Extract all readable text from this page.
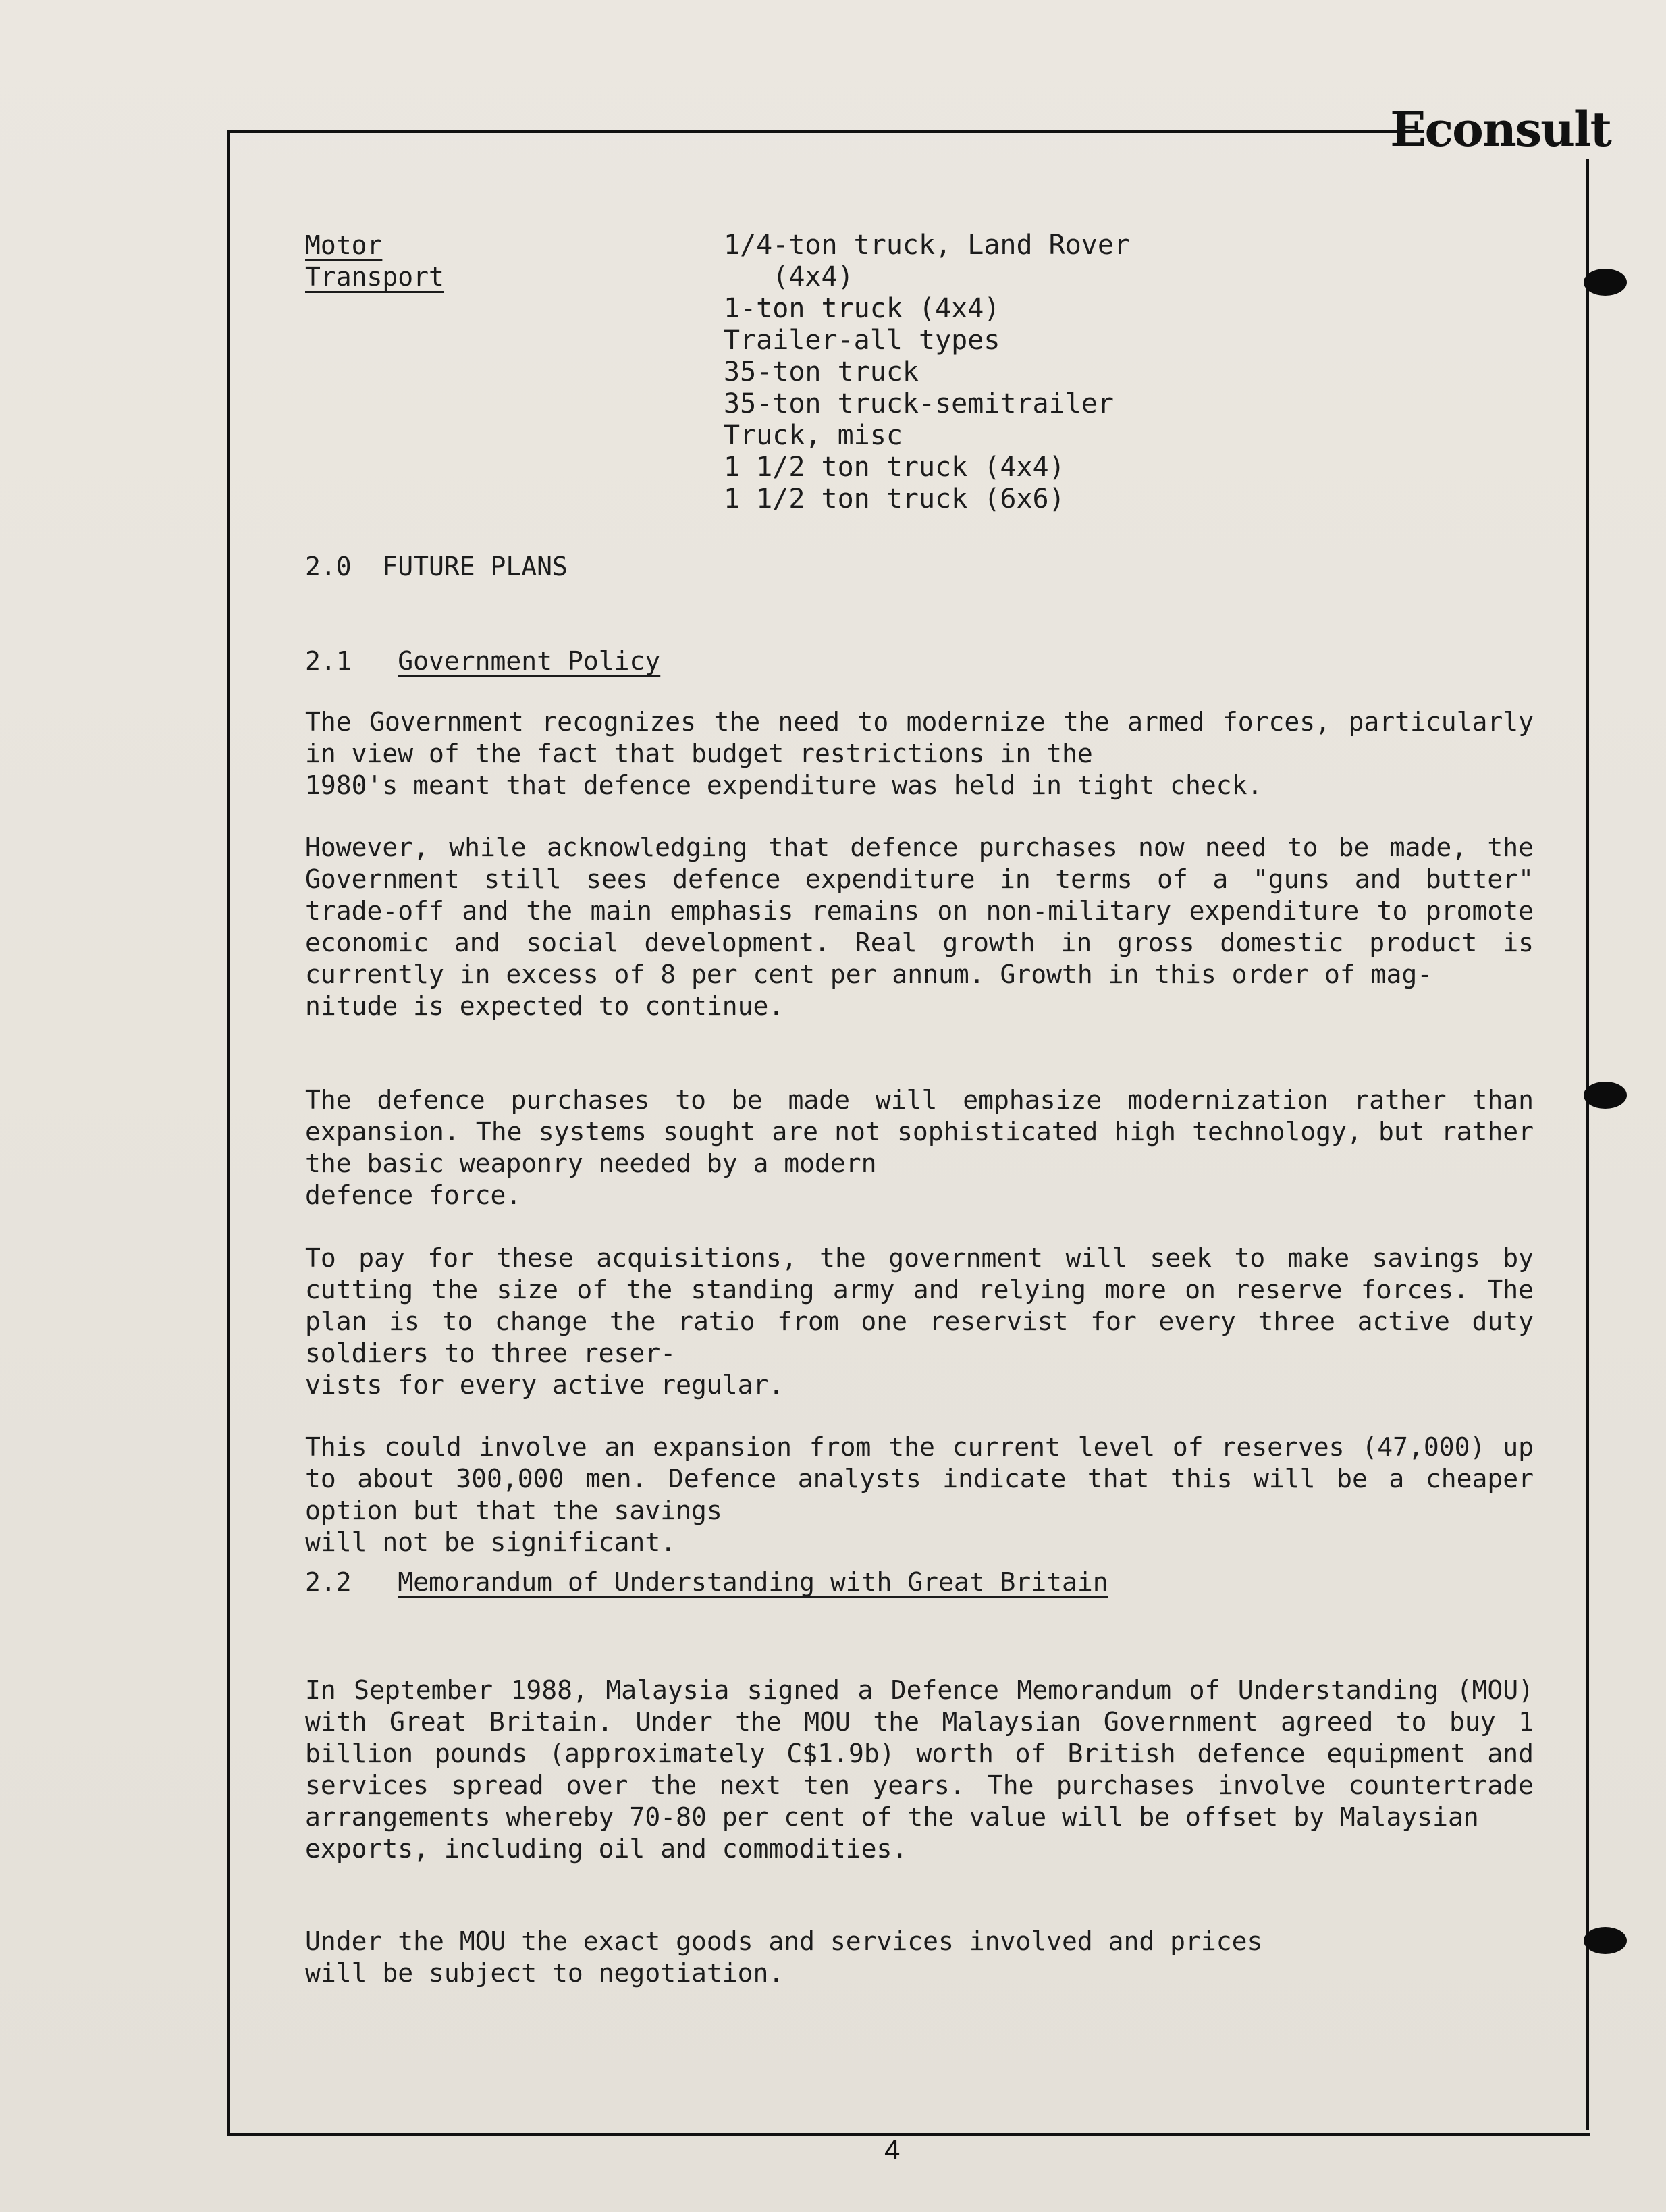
Econsult
Motor
Transport
1/4-ton truck, Land Rover
(4x4)
1-ton truck (4x4)
Trailer-all types
35-ton truck
35-ton truck-semitrailer
Truck, misc
1 1/2 ton truck (4x4)
1 1/2 ton truck (6x6)
2.0  FUTURE PLANS
2.1 Government Policy
The Government recognizes the need to modernize the armed forces, particularly in view of the fact that budget restrictions in the
1980's meant that defence expenditure was held in tight check.
However, while acknowledging that defence purchases now need to be made, the Government still sees defence expenditure in terms of a "guns and butter" trade-off and the main emphasis remains on non-military expenditure to promote economic and social development. Real growth in gross domestic product is currently in excess of 8 per cent per annum. Growth in this order of mag-
nitude is expected to continue.
The defence purchases to be made will emphasize modernization rather than expansion. The systems sought are not sophisticated high technology, but rather the basic weaponry needed by a modern
defence force.
To pay for these acquisitions, the government will seek to make savings by cutting the size of the standing army and relying more on reserve forces. The plan is to change the ratio from one reservist for every three active duty soldiers to three reser-
vists for every active regular.
This could involve an expansion from the current level of reserves (47,000) up to about 300,000 men. Defence analysts indicate that this will be a cheaper option but that the savings
will not be significant.
2.2 Memorandum of Understanding with Great Britain
In September 1988, Malaysia signed a Defence Memorandum of Understanding (MOU) with Great Britain. Under the MOU the Malaysian Government agreed to buy 1 billion pounds (approximately C$1.9b) worth of British defence equipment and services spread over the next ten years. The purchases involve countertrade arrangements whereby 70-80 per cent of the value will be offset by Malaysian
exports, including oil and commodities.
Under the MOU the exact goods and services involved and prices
will be subject to negotiation.
4
